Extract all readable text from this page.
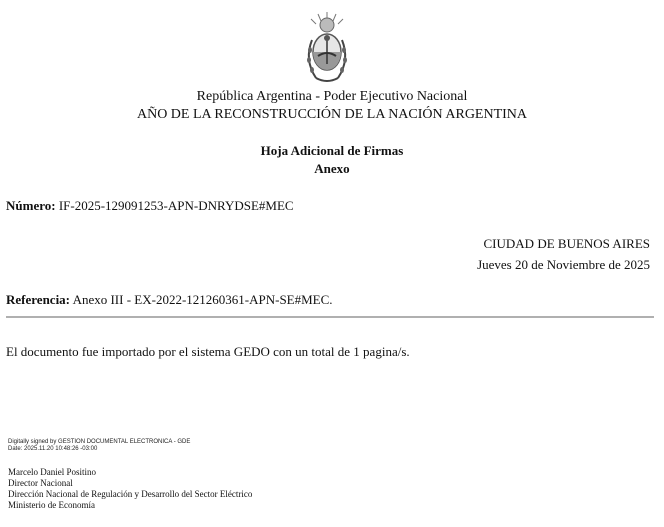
República Argentina - Poder Ejecutivo Nacional
AÑO DE LA RECONSTRUCCIÓN DE LA NACIÓN ARGENTINA
Hoja Adicional de Firmas
Anexo
Número: IF-2025-129091253-APN-DNRYDSE#MEC
CIUDAD DE BUENOS AIRES
Jueves 20 de Noviembre de 2025
Referencia: Anexo III - EX-2022-121260361-APN-SE#MEC.
El documento fue importado por el sistema GEDO con un total de 1 pagina/s.
Digitally signed by GESTION DOCUMENTAL ELECTRONICA - GDE
Date: 2025.11.20 10:48:26 -03:00
Marcelo Daniel Positino
Director Nacional
Dirección Nacional de Regulación y Desarrollo del Sector Eléctrico
Ministerio de Economía
